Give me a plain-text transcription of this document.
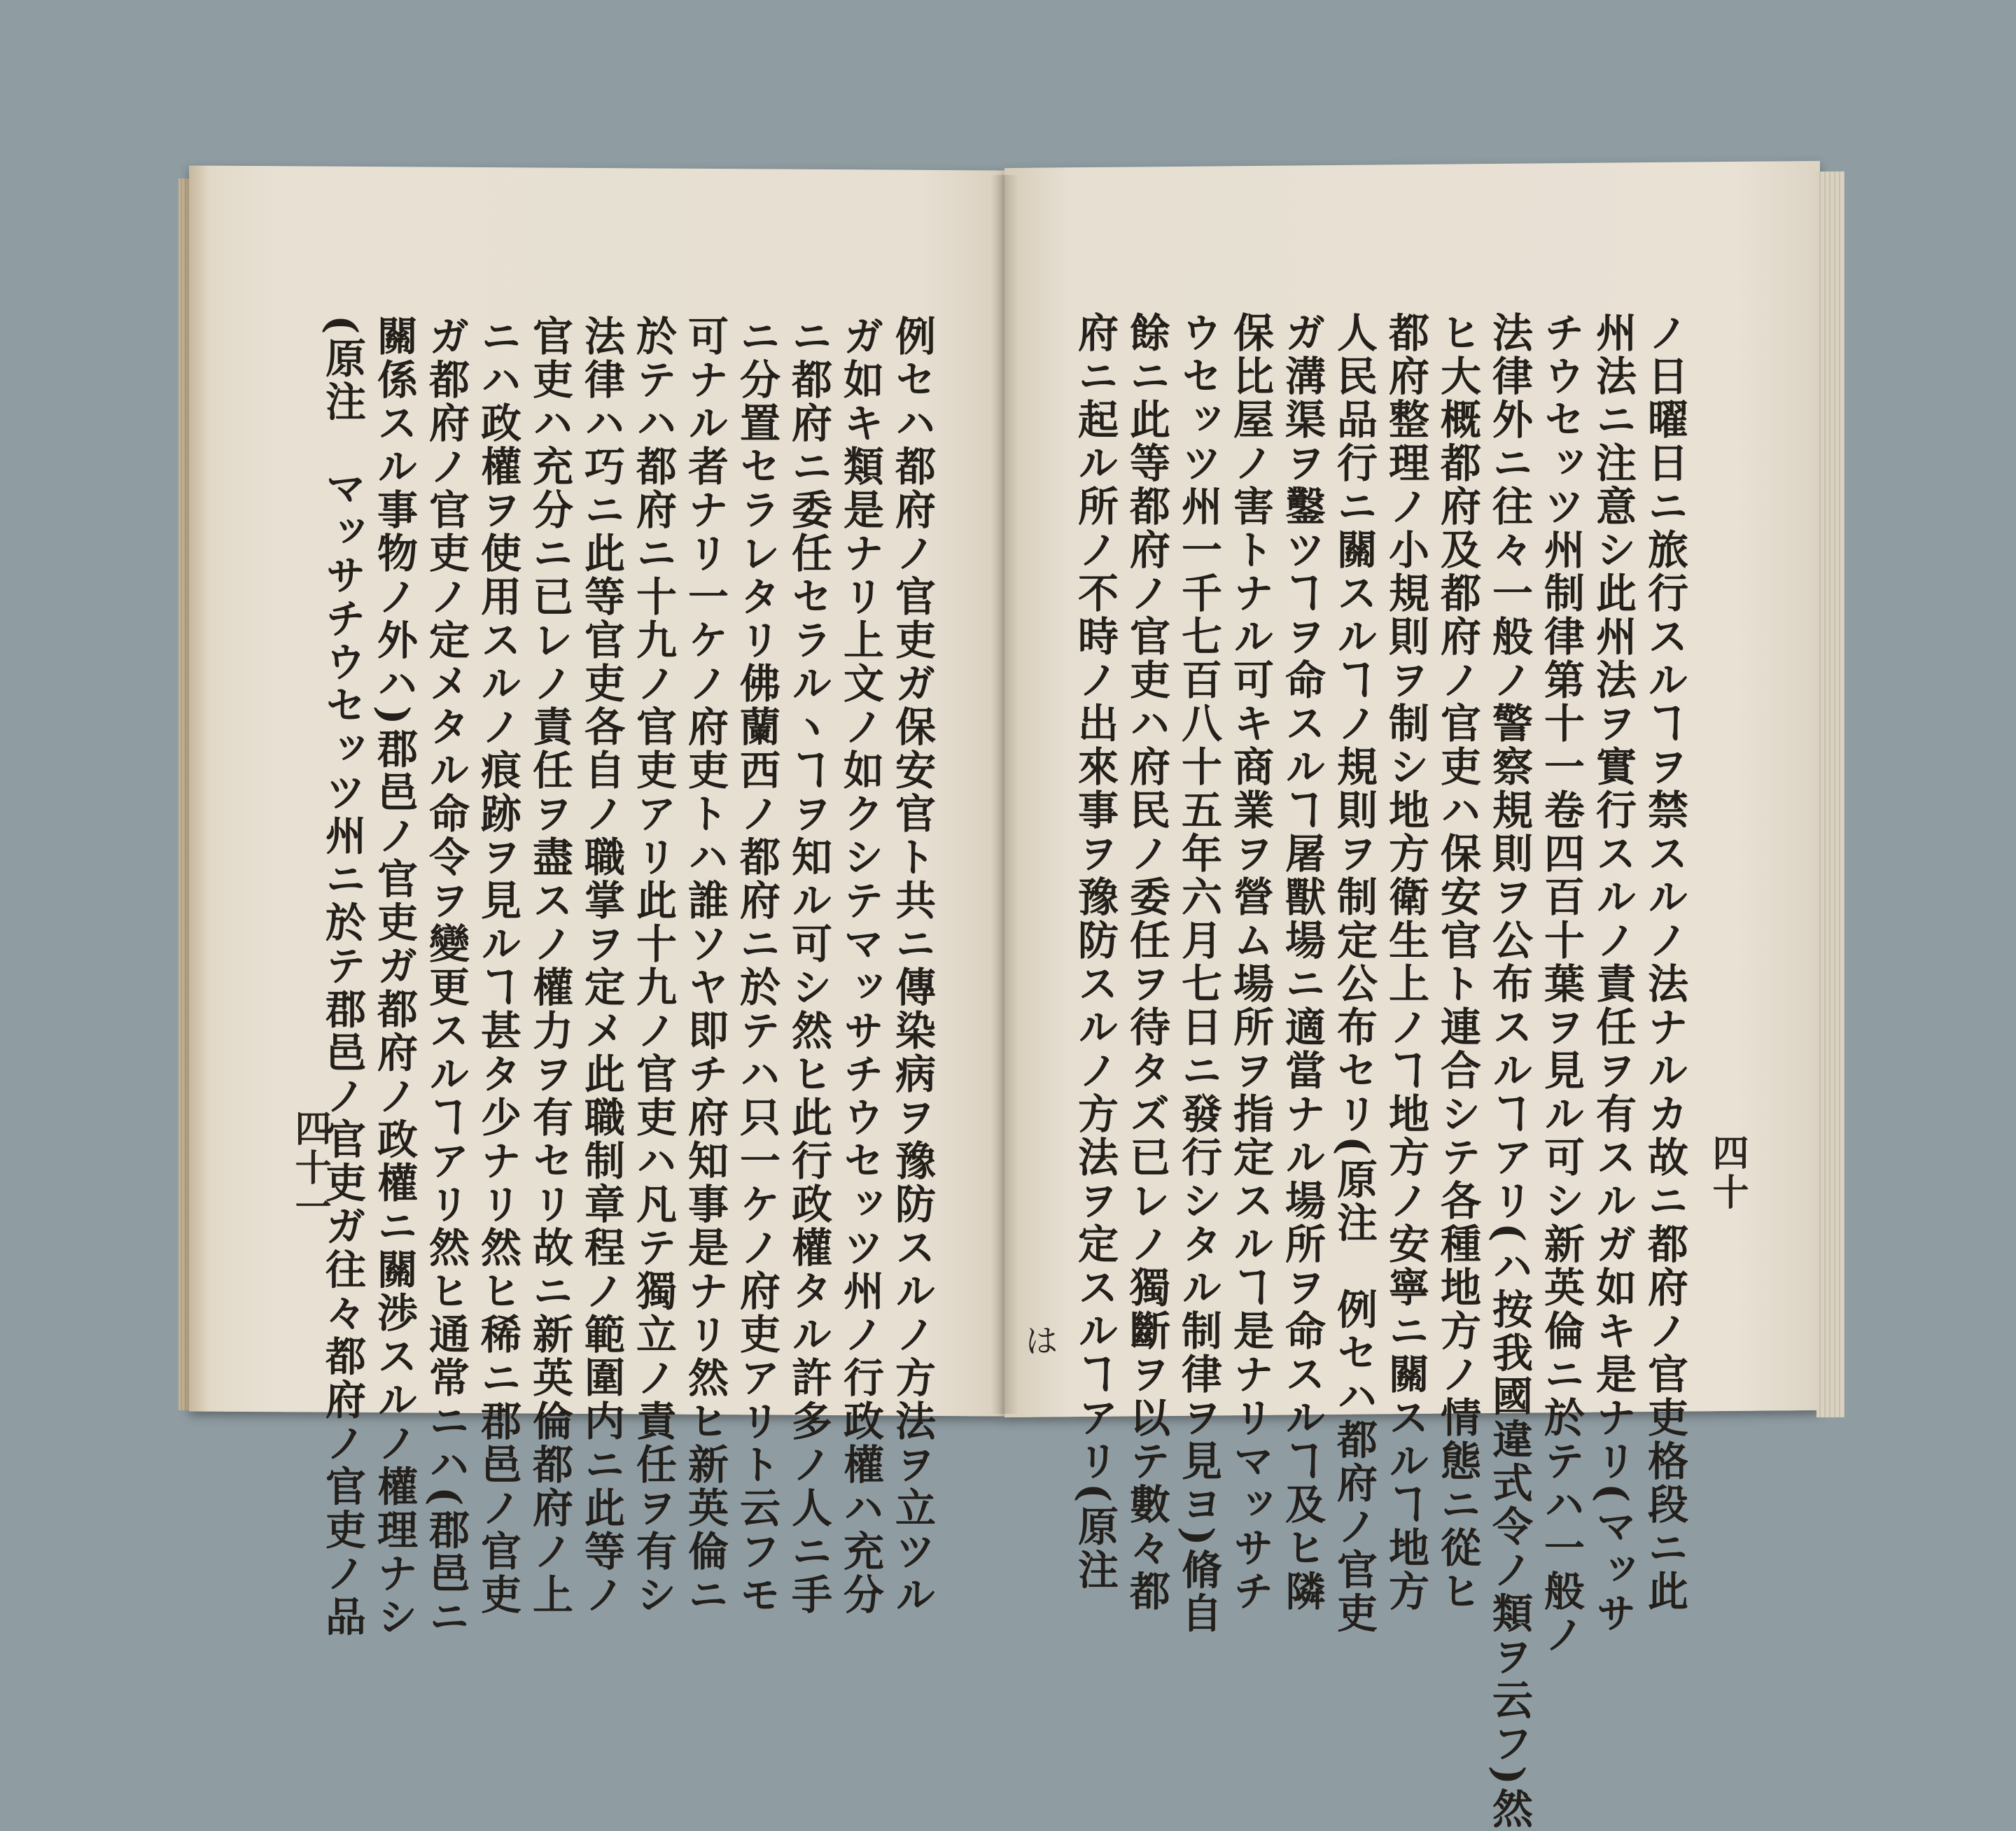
例セハ都府ノ官吏ガ保安官ト共ニ傳染病ヲ豫防スルノ方法ヲ立ツル
ガ如キ類是ナリ上文ノ如クシテマッサチウセッツ州ノ行政權ハ充分
ニ都府ニ委任セラルヽヿヲ知ル可シ然ヒ此行政權タル許多ノ人ニ手
ニ分置セラレタリ佛蘭西ノ都府ニ於テハ只一ケノ府吏アリト云フモ
可ナル者ナリ一ケノ府吏トハ誰ソヤ即チ府知事是ナリ然ヒ新英倫ニ
於テハ都府ニ十九ノ官吏アリ此十九ノ官吏ハ凡テ獨立ノ責任ヲ有シ
法律ハ巧ニ此等官吏各自ノ職掌ヲ定メ此職制章程ノ範圍内ニ此等ノ
官吏ハ充分ニ已レノ責任ヲ盡スノ權力ヲ有セリ故ニ新英倫都府ノ上
ニハ政權ヲ使用スルノ痕跡ヲ見ルヿ甚タ少ナリ然ヒ稀ニ郡邑ノ官吏
ガ都府ノ官吏ノ定メタル命令ヲ變更スルヿアリ然ヒ通常ニハ(郡邑ニ
關係スル事物ノ外ハ)郡邑ノ官吏ガ都府ノ政權ニ關渉スルノ權理ナシ
(原注　マッサチウセッツ州ニ於テ郡邑ノ官吏ガ往々都府ノ官吏ノ品
四十一	ノ日曜日ニ旅行スルヿヲ禁スルノ法ナルカ故ニ都府ノ官吏格段ニ此
州法ニ注意シ此州法ヲ實行スルノ責任ヲ有スルガ如キ是ナリ(マッサ
チウセッツ州制律第十一卷四百十葉ヲ見ル可シ新英倫ニ於テハ一般ノ
法律外ニ往々一般ノ警察規則ヲ公布スルヿアリ(ハ按我國違式令ノ類ヲ云フ)然
ヒ大概都府及都府ノ官吏ハ保安官ト連合シテ各種地方ノ情態ニ從ヒ
都府整理ノ小規則ヲ制シ地方衛生上ノヿ地方ノ安寧ニ關スルヿ地方
人民品行ニ關スルヿノ規則ヲ制定公布セリ(原注　例セハ都府ノ官吏
ガ溝渠ヲ鑿ツヿヲ命スルヿ屠獸場ニ適當ナル場所ヲ命スルヿ及ヒ隣
保比屋ノ害トナル可キ商業ヲ營ム場所ヲ指定スルヿ是ナリマッサチ
ウセッツ州一千七百八十五年六月七日ニ發行シタル制律ヲ見ヨ)脩自
餘ニ此等都府ノ官吏ハ府民ノ委任ヲ待タズ已レノ獨斷ヲ以テ數々都
府ニ起ル所ノ不時ノ出來事ヲ豫防スルノ方法ヲ定スルヿアリ(原注	四十
は
